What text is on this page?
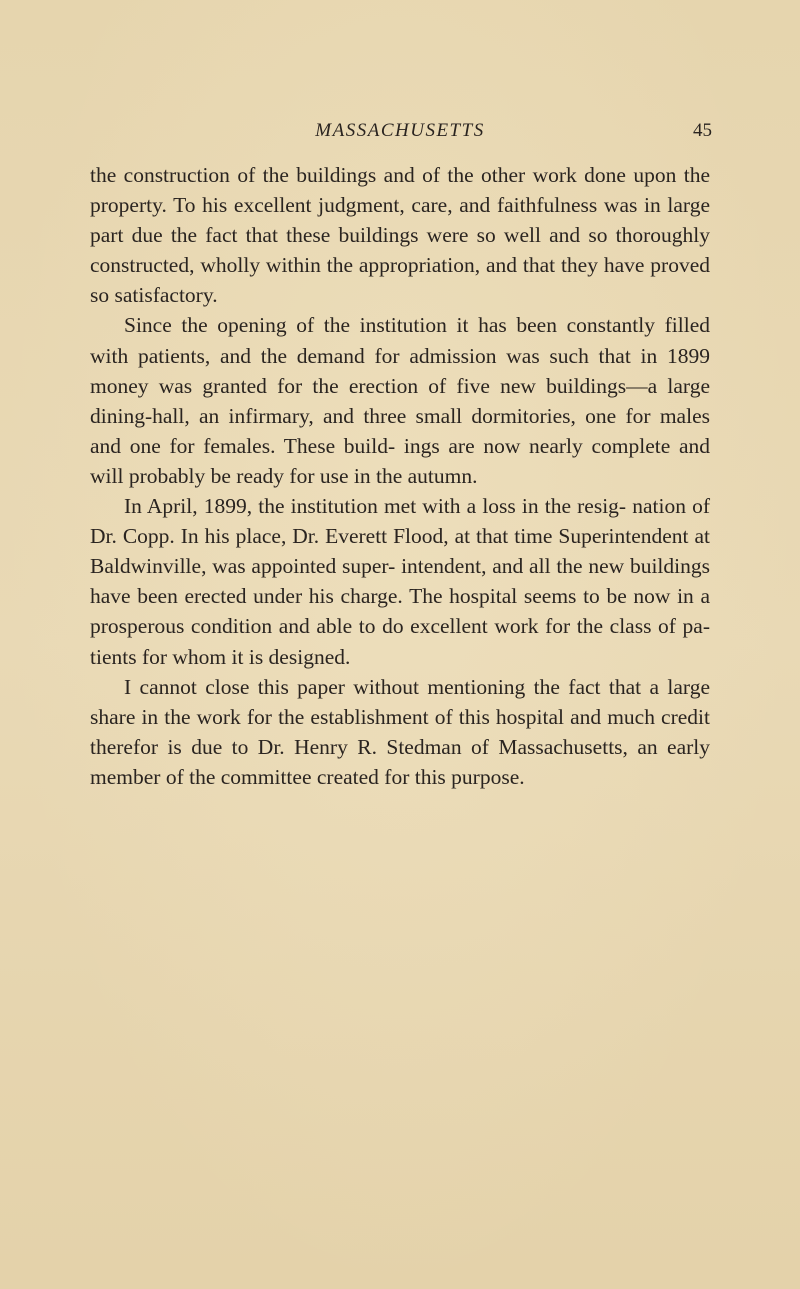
MASSACHUSETTS	45

the construction of the buildings and of the other work done upon the property. To his excellent judgment, care, and faithfulness was in large part due the fact that these buildings were so well and so thoroughly constructed, wholly within the appropriation, and that they have proved so satisfactory.

Since the opening of the institution it has been constantly filled with patients, and the demand for admission was such that in 1899 money was granted for the erection of five new buildings—a large dining-hall, an infirmary, and three small dormitories, one for males and one for females. These build- ings are now nearly complete and will probably be ready for use in the autumn.

In April, 1899, the institution met with a loss in the resig- nation of Dr. Copp. In his place, Dr. Everett Flood, at that time Superintendent at Baldwinville, was appointed super- intendent, and all the new buildings have been erected under his charge. The hospital seems to be now in a prosperous condition and able to do excellent work for the class of pa- tients for whom it is designed.

I cannot close this paper without mentioning the fact that a large share in the work for the establishment of this hospital and much credit therefor is due to Dr. Henry R. Stedman of Massachusetts, an early member of the committee created for this purpose.
